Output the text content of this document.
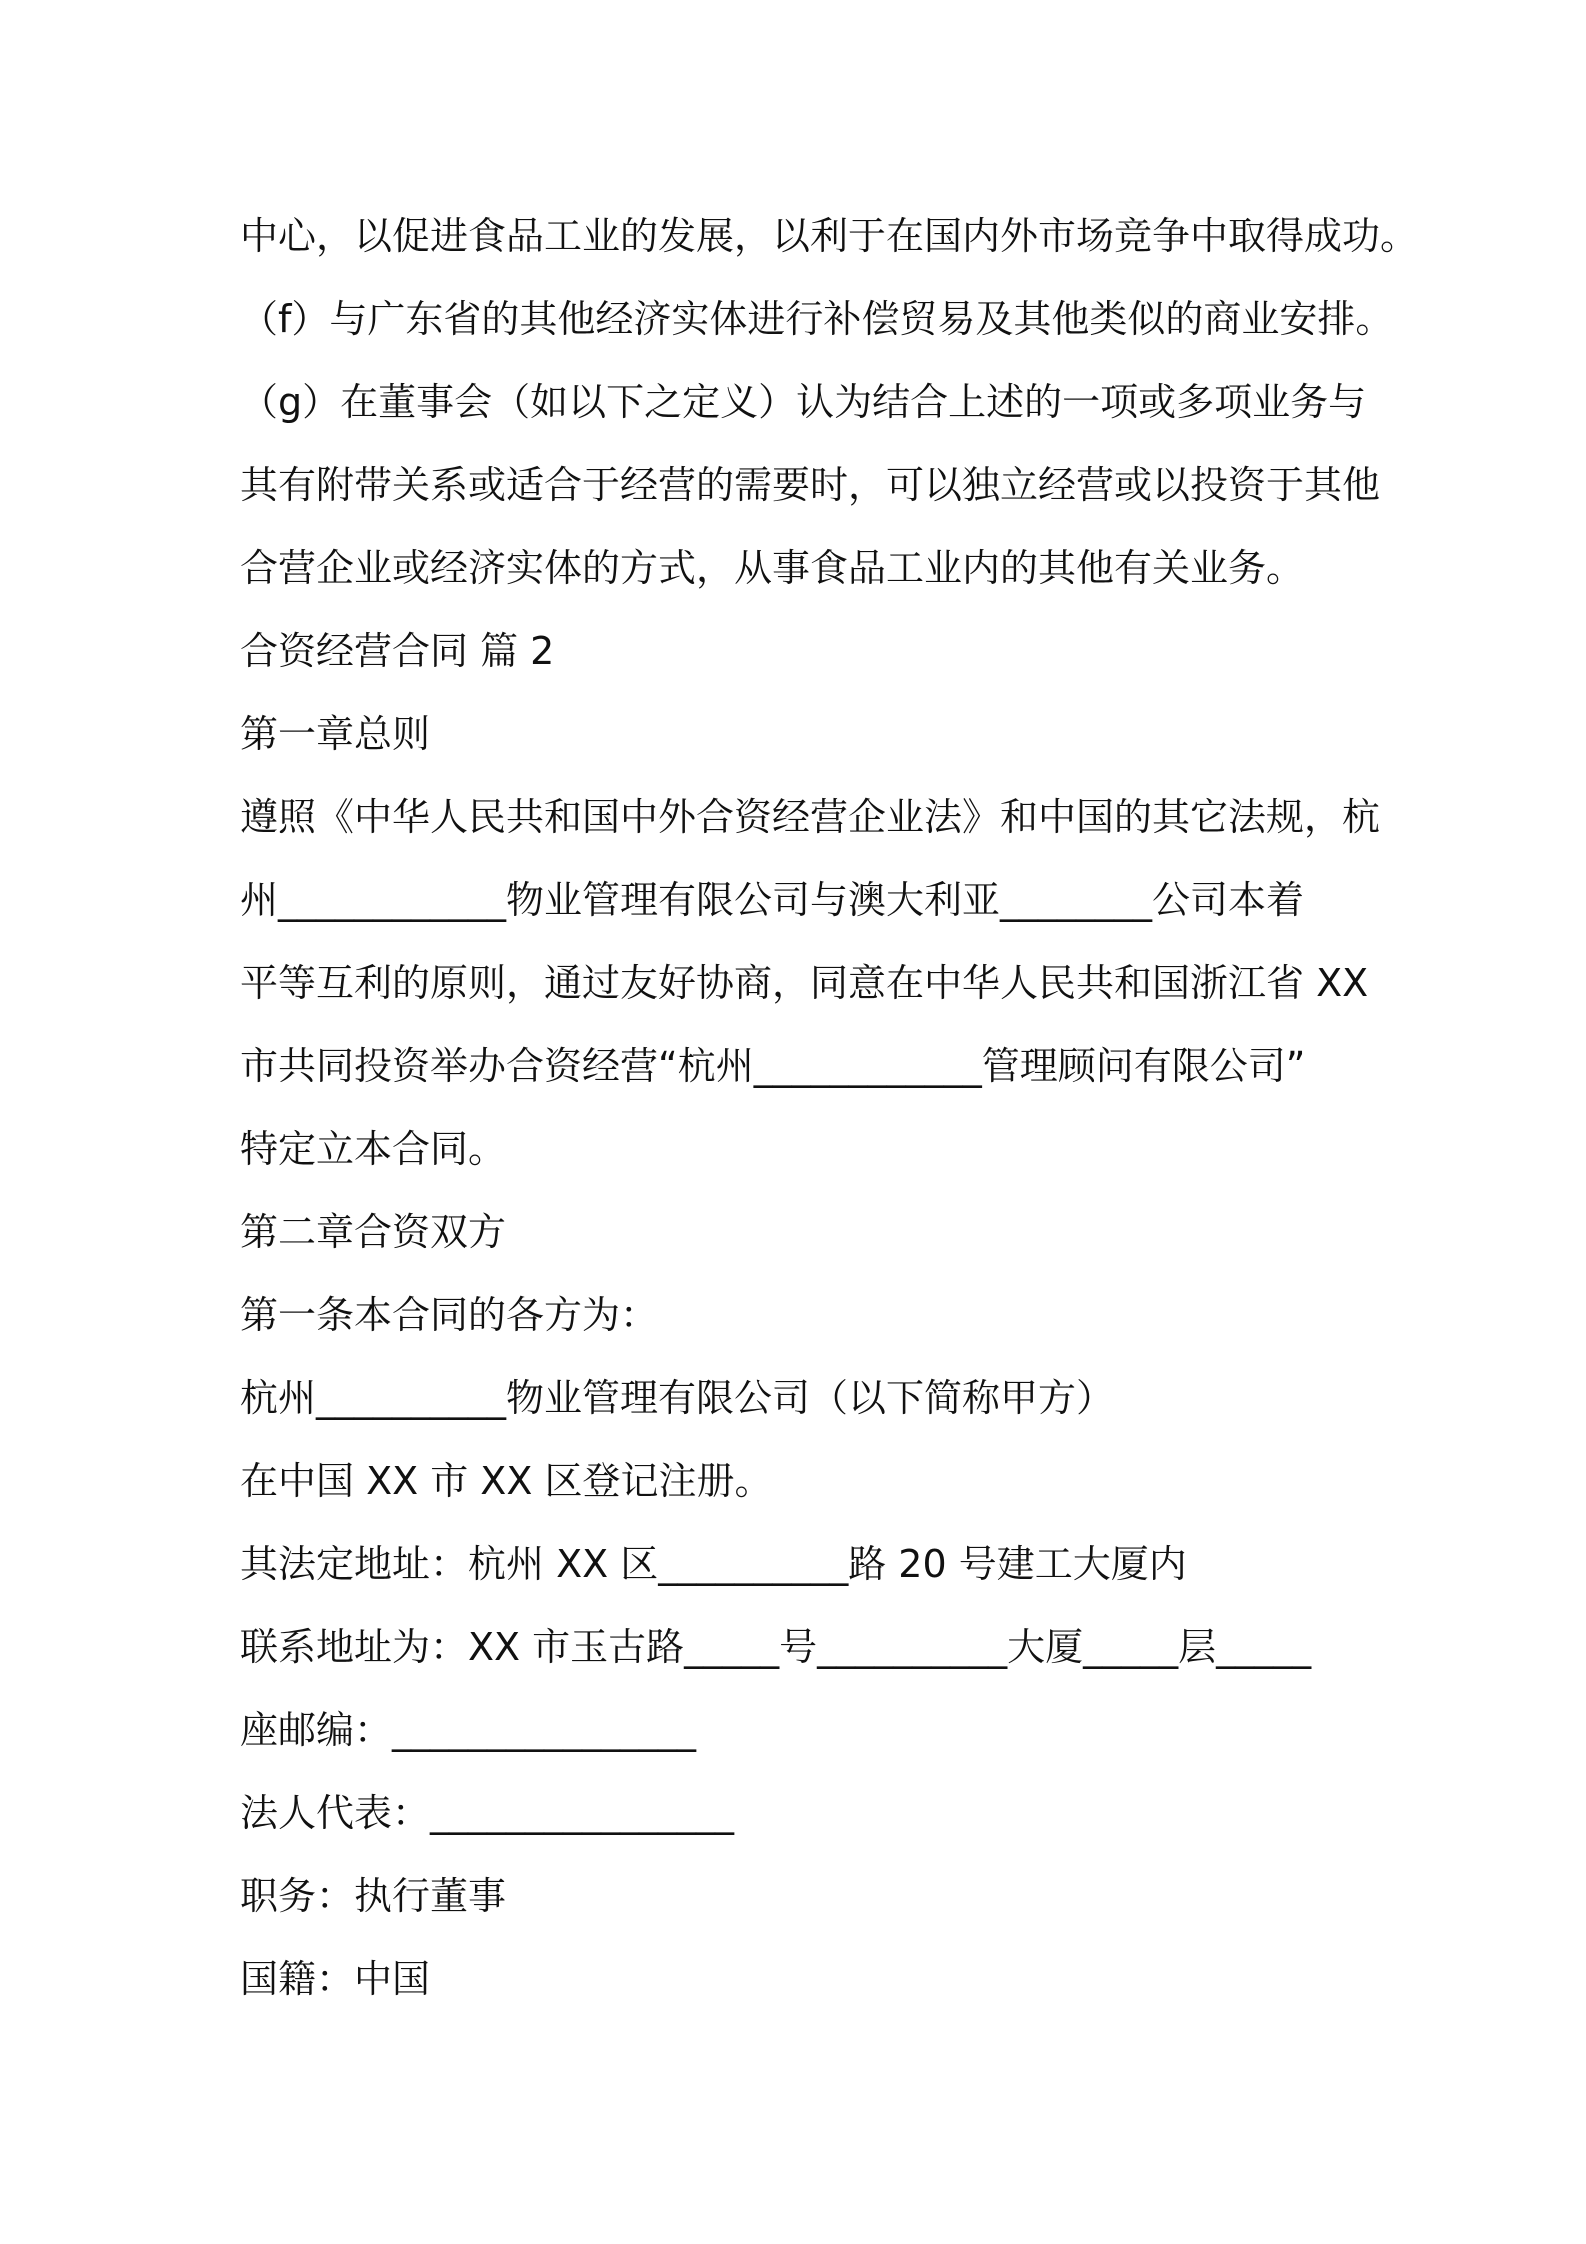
中心，以促进食品工业的发展，以利于在国内外市场竞争中取得成功。
（f）与广东省的其他经济实体进行补偿贸易及其他类似的商业安排。
（g）在董事会（如以下之定义）认为结合上述的一项或多项业务与
其有附带关系或适合于经营的需要时，可以独立经营或以投资于其他
合营企业或经济实体的方式，从事食品工业内的其他有关业务。
合资经营合同 篇 2
第一章总则
遵照《中华人民共和国中外合资经营企业法》和中国的其它法规，杭
州____________物业管理有限公司与澳大利亚________公司本着
平等互利的原则，通过友好协商，同意在中华人民共和国浙江省 XX
市共同投资举办合资经营“杭州____________管理顾问有限公司”
特定立本合同。
第二章合资双方
第一条本合同的各方为：
杭州__________物业管理有限公司（以下简称甲方）
在中国 XX 市 XX 区登记注册。
其法定地址：杭州 XX 区__________路 20 号建工大厦内
联系地址为：XX 市玉古路_____号__________大厦_____层_____
座邮编：________________
法人代表：________________
职务：执行董事
国籍：中国
